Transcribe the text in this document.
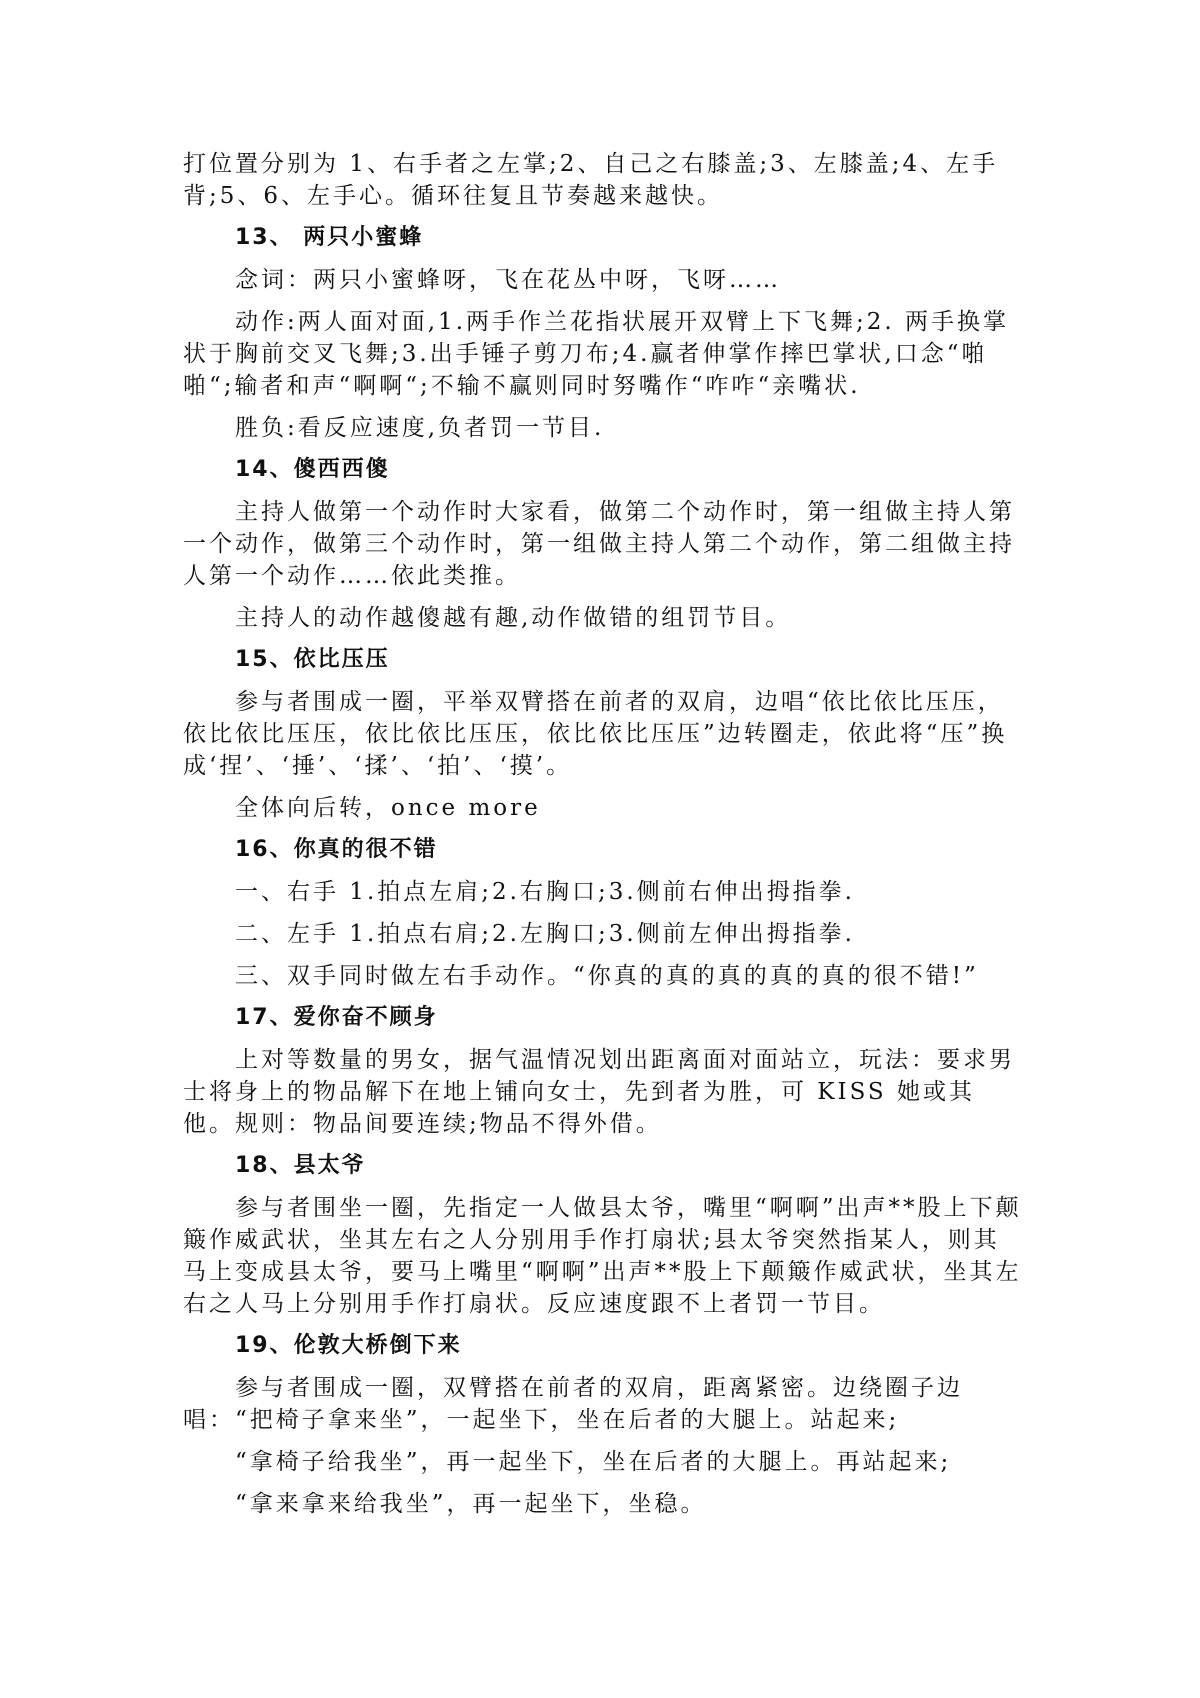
打位置分别为 1、右手者之左掌;2、自己之右膝盖;3、左膝盖;4、左手背;5、6、左手心。循环往复且节奏越来越快。

13、 两只小蜜蜂

念词：两只小蜜蜂呀，飞在花丛中呀，飞呀……

动作:两人面对面,1.两手作兰花指状展开双臂上下飞舞;2. 两手换掌状于胸前交叉飞舞;3.出手锤子剪刀布;4.赢者伸掌作摔巴掌状,口念“啪啪“;输者和声“啊啊“;不输不赢则同时努嘴作“咋咋“亲嘴状.

胜负:看反应速度,负者罚一节目.

14、傻西西傻

主持人做第一个动作时大家看，做第二个动作时，第一组做主持人第一个动作，做第三个动作时，第一组做主持人第二个动作，第二组做主持人第一个动作……依此类推。

主持人的动作越傻越有趣,动作做错的组罚节目。

15、依比压压

参与者围成一圈，平举双臂搭在前者的双肩，边唱“依比依比压压，依比依比压压，依比依比压压，依比依比压压”边转圈走，依此将“压”换成‘捏’、‘捶’、‘揉’、‘拍’、‘摸’。

全体向后转，once more

16、你真的很不错

一、右手 1.拍点左肩;2.右胸口;3.侧前右伸出拇指拳.

二、左手 1.拍点右肩;2.左胸口;3.侧前左伸出拇指拳.

三、双手同时做左右手动作。“你真的真的真的真的真的很不错!”

17、爱你奋不顾身

上对等数量的男女，据气温情况划出距离面对面站立，玩法：要求男士将身上的物品解下在地上铺向女士，先到者为胜，可 KISS 她或其他。规则：物品间要连续;物品不得外借。

18、县太爷

参与者围坐一圈，先指定一人做县太爷，嘴里“啊啊”出声**股上下颠簸作威武状，坐其左右之人分别用手作打扇状;县太爷突然指某人，则其马上变成县太爷，要马上嘴里“啊啊”出声**股上下颠簸作威武状，坐其左右之人马上分别用手作打扇状。反应速度跟不上者罚一节目。

19、伦敦大桥倒下来

参与者围成一圈，双臂搭在前者的双肩，距离紧密。边绕圈子边唱：“把椅子拿来坐”，一起坐下，坐在后者的大腿上。站起来;

“拿椅子给我坐”，再一起坐下，坐在后者的大腿上。再站起来;

“拿来拿来给我坐”，再一起坐下，坐稳。
